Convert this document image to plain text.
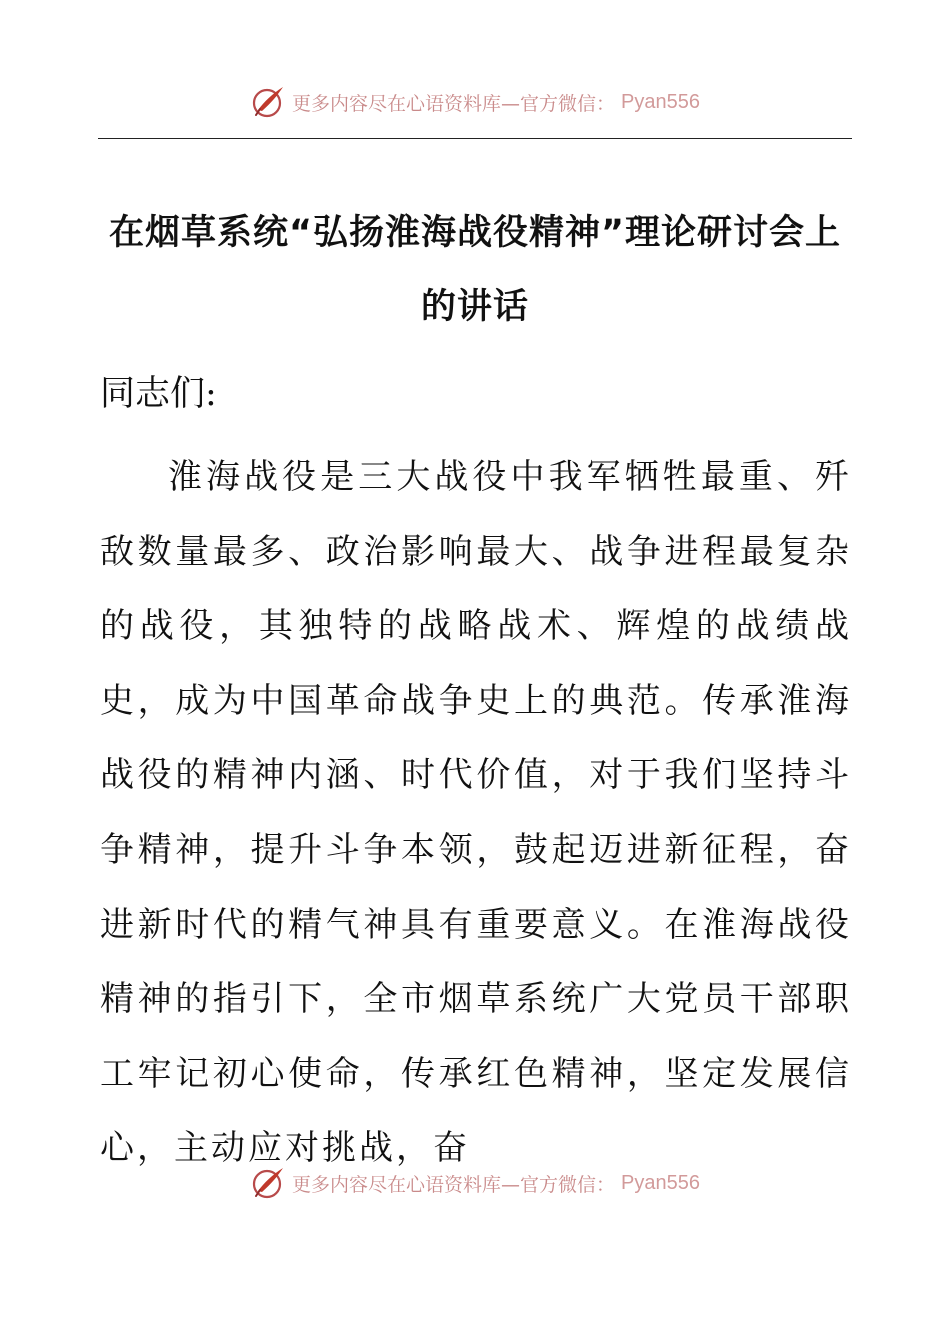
更多内容尽在心语资料库—官方微信： Pyan556
在烟草系统“弘扬淮海战役精神”理论研讨会上
的讲话
同志们:

淮海战役是三大战役中我军牺牲最重、歼敌数量最多、政治影响最大、战争进程最复杂的战役，其独特的战略战术、辉煌的战绩战史，成为中国革命战争史上的典范。传承淮海战役的精神内涵、时代价值，对于我们坚持斗争精神，提升斗争本领，鼓起迈进新征程，奋进新时代的精气神具有重要意义。在淮海战役精神的指引下，全市烟草系统广大党员干部职工牢记初心使命，传承红色精神，坚定发展信心，主动应对挑战，奋

更多内容尽在心语资料库—官方微信： Pyan556
